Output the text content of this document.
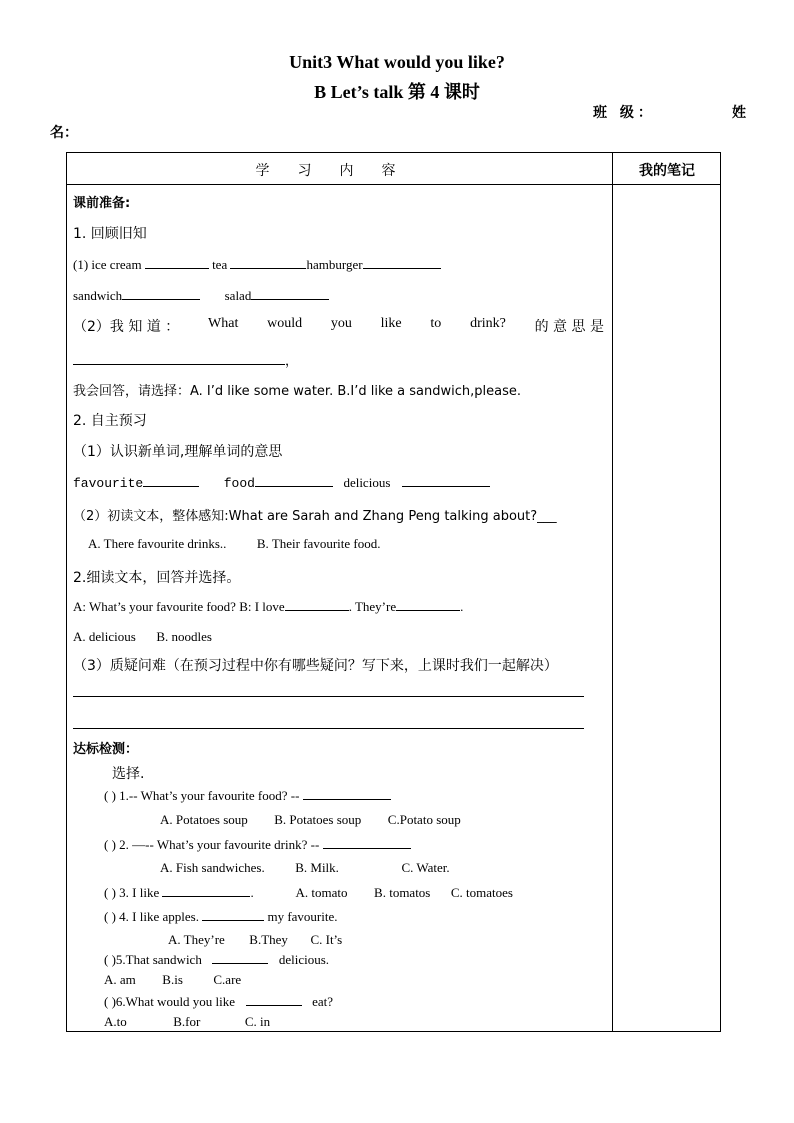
Unit3 What would you like?
B Let’s talk 第 4 课时
班 级：	姓
名：
学习内容	我的笔记
课前准备:
1. 回顾旧知
(1) ice cream	tea	hamburger
sandwich	salad
（2）我 知 道 ： What would you like to drink? 的 意 思 是
，
我会回答，请选择：A. I’d like some water. B.I’d like a sandwich,please.
2. 自主预习
（1）认识新单词,理解单词的意思
favourite	food	delicious
（2）初读文本，整体感知:What are Sarah and Zhang Peng talking about?___
A. There favourite drinks.. B. Their favourite food.
2.细读文本，回答并选择。
A: What’s your favourite food? B: I love	. They’re	.
A. delicious B. noodles
（3）质疑问难（在预习过程中你有哪些疑问？写下来，上课时我们一起解决）
达标检测：
选择.
( ) 1.-- What’s your favourite food? --
A. Potatoes soup B. Potatoes soup C.Potato soup
( ) 2. —-- What’s your favourite drink? --
A. Fish sandwiches. B. Milk.	C. Water.
( ) 3. I like	.	A. tomato B. tomatos C. tomatoes
( ) 4. I like apples.	my favourite.
A. They’re B.They C. It’s
( )5.That sandwich	delicious.
A. am B.is C.are
( )6.What would you like	eat?
A.to	B.for	C. in
